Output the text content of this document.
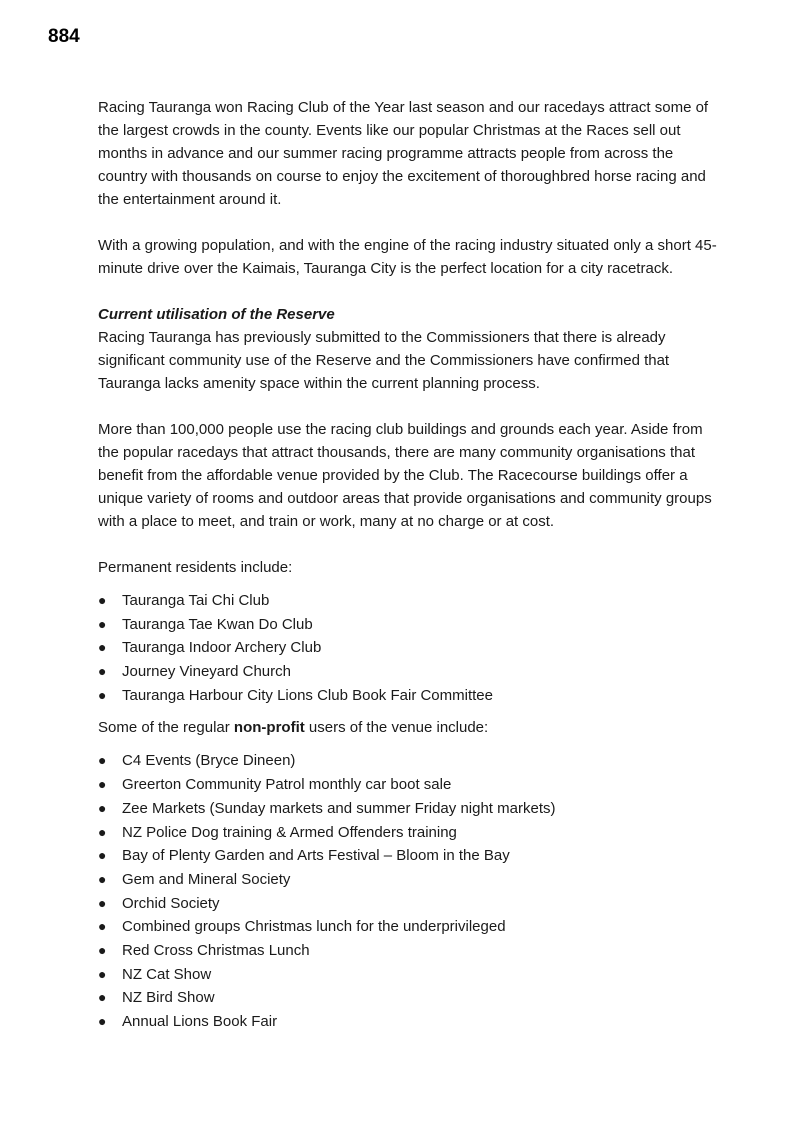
884

Racing Tauranga won Racing Club of the Year last season and our racedays attract some of the largest crowds in the county. Events like our popular Christmas at the Races sell out months in advance and our summer racing programme attracts people from across the country with thousands on course to enjoy the excitement of thoroughbred horse racing and the entertainment around it.

With a growing population, and with the engine of the racing industry situated only a short 45-minute drive over the Kaimais, Tauranga City is the perfect location for a city racetrack.

Current utilisation of the Reserve

Racing Tauranga has previously submitted to the Commissioners that there is already significant community use of the Reserve and the Commissioners have confirmed that Tauranga lacks amenity space within the current planning process.

More than 100,000 people use the racing club buildings and grounds each year. Aside from the popular racedays that attract thousands, there are many community organisations that benefit from the affordable venue provided by the Club. The Racecourse buildings offer a unique variety of rooms and outdoor areas that provide organisations and community groups with a place to meet, and train or work, many at no charge or at cost.

Permanent residents include:

● Tauranga Tai Chi Club
● Tauranga Tae Kwan Do Club
● Tauranga Indoor Archery Club
● Journey Vineyard Church
● Tauranga Harbour City Lions Club Book Fair Committee

Some of the regular non-profit users of the venue include:

● C4 Events (Bryce Dineen)
● Greerton Community Patrol monthly car boot sale
● Zee Markets (Sunday markets and summer Friday night markets)
● NZ Police Dog training & Armed Offenders training
● Bay of Plenty Garden and Arts Festival – Bloom in the Bay
● Gem and Mineral Society
● Orchid Society
● Combined groups Christmas lunch for the underprivileged
● Red Cross Christmas Lunch
● NZ Cat Show
● NZ Bird Show
● Annual Lions Book Fair
